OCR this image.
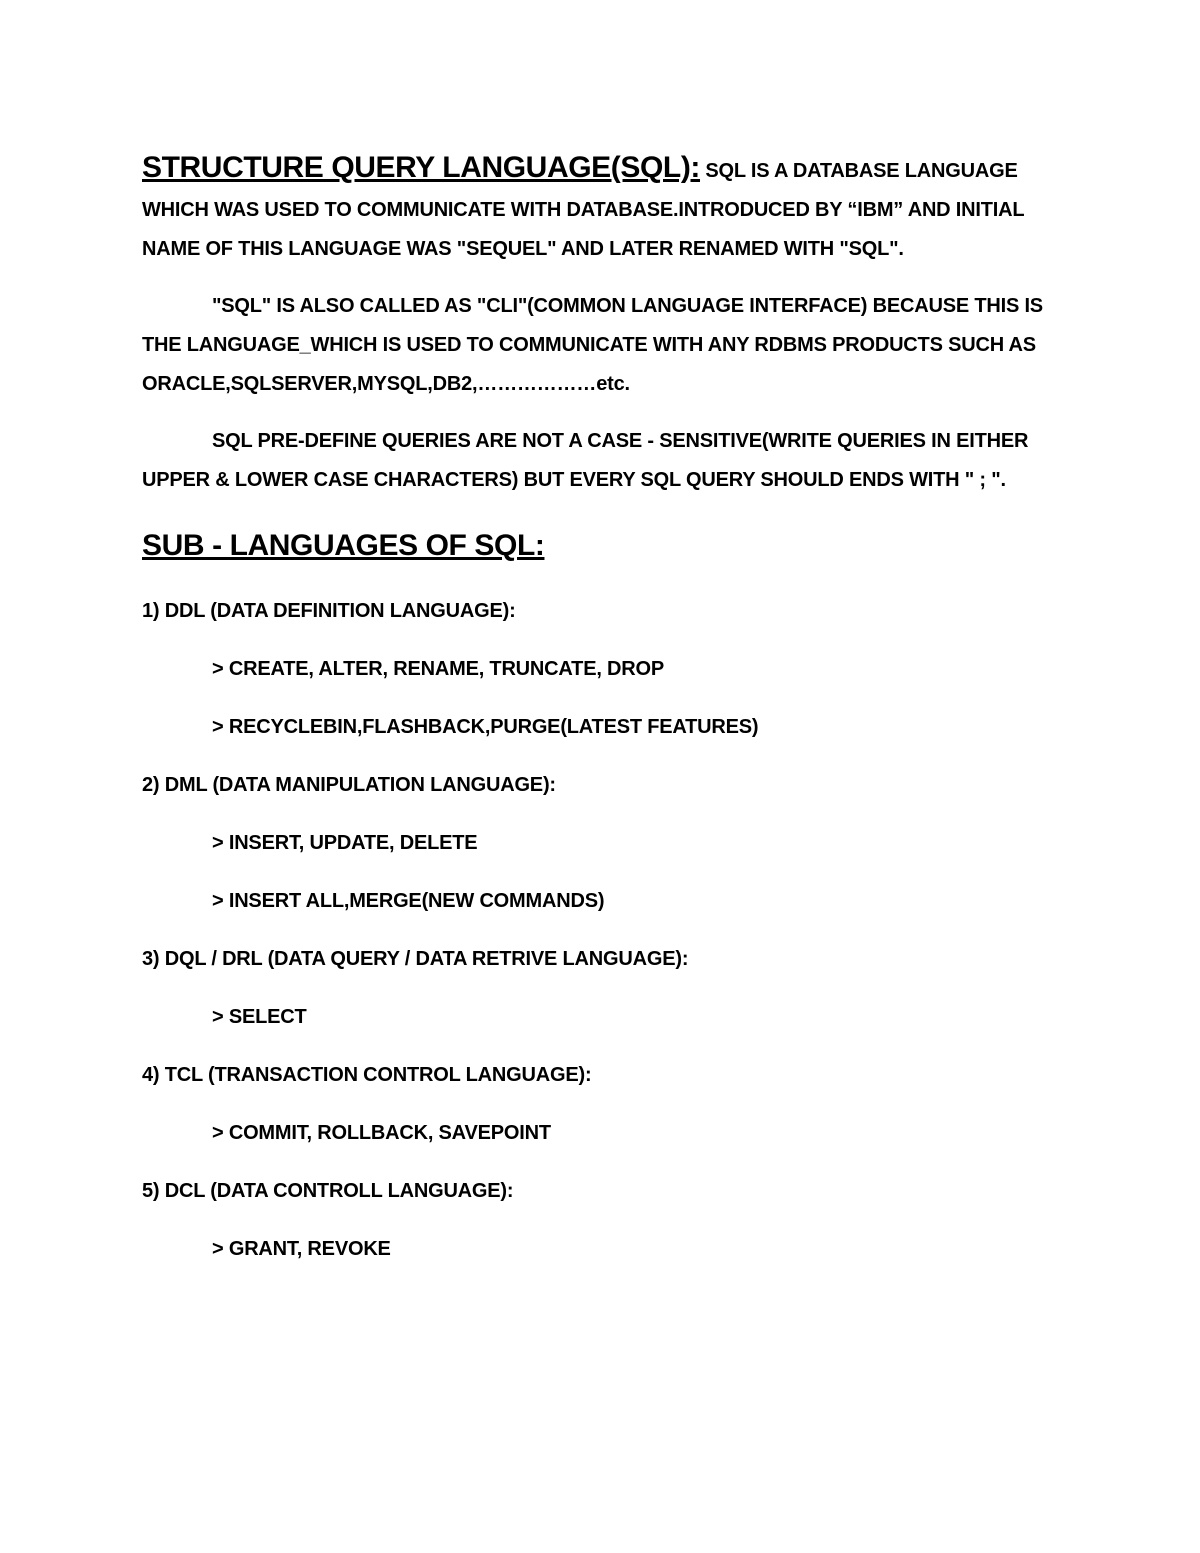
STRUCTURE QUERY LANGUAGE(SQL): SQL IS A DATABASE LANGUAGE WHICH WAS USED TO COMMUNICATE WITH DATABASE.INTRODUCED BY “IBM” AND INITIAL NAME OF THIS LANGUAGE WAS "SEQUEL" AND LATER RENAMED WITH "SQL".

"SQL" IS ALSO CALLED AS "CLI"(COMMON LANGUAGE INTERFACE) BECAUSE THIS IS THE LANGUAGE_WHICH IS USED TO COMMUNICATE WITH ANY RDBMS PRODUCTS SUCH AS ORACLE,SQLSERVER,MYSQL,DB2,………………etc.

SQL PRE-DEFINE QUERIES ARE NOT A CASE - SENSITIVE(WRITE QUERIES IN EITHER UPPER & LOWER CASE CHARACTERS) BUT EVERY SQL QUERY SHOULD ENDS WITH " ; ".

SUB - LANGUAGES OF SQL:

1) DDL (DATA DEFINITION LANGUAGE):

> CREATE, ALTER, RENAME, TRUNCATE, DROP

> RECYCLEBIN,FLASHBACK,PURGE(LATEST FEATURES)

2) DML (DATA MANIPULATION LANGUAGE):

> INSERT, UPDATE, DELETE

> INSERT ALL,MERGE(NEW COMMANDS)

3) DQL / DRL (DATA QUERY / DATA RETRIVE LANGUAGE):

> SELECT

4) TCL (TRANSACTION CONTROL LANGUAGE):

> COMMIT, ROLLBACK, SAVEPOINT

5) DCL (DATA CONTROLL LANGUAGE):

> GRANT, REVOKE
